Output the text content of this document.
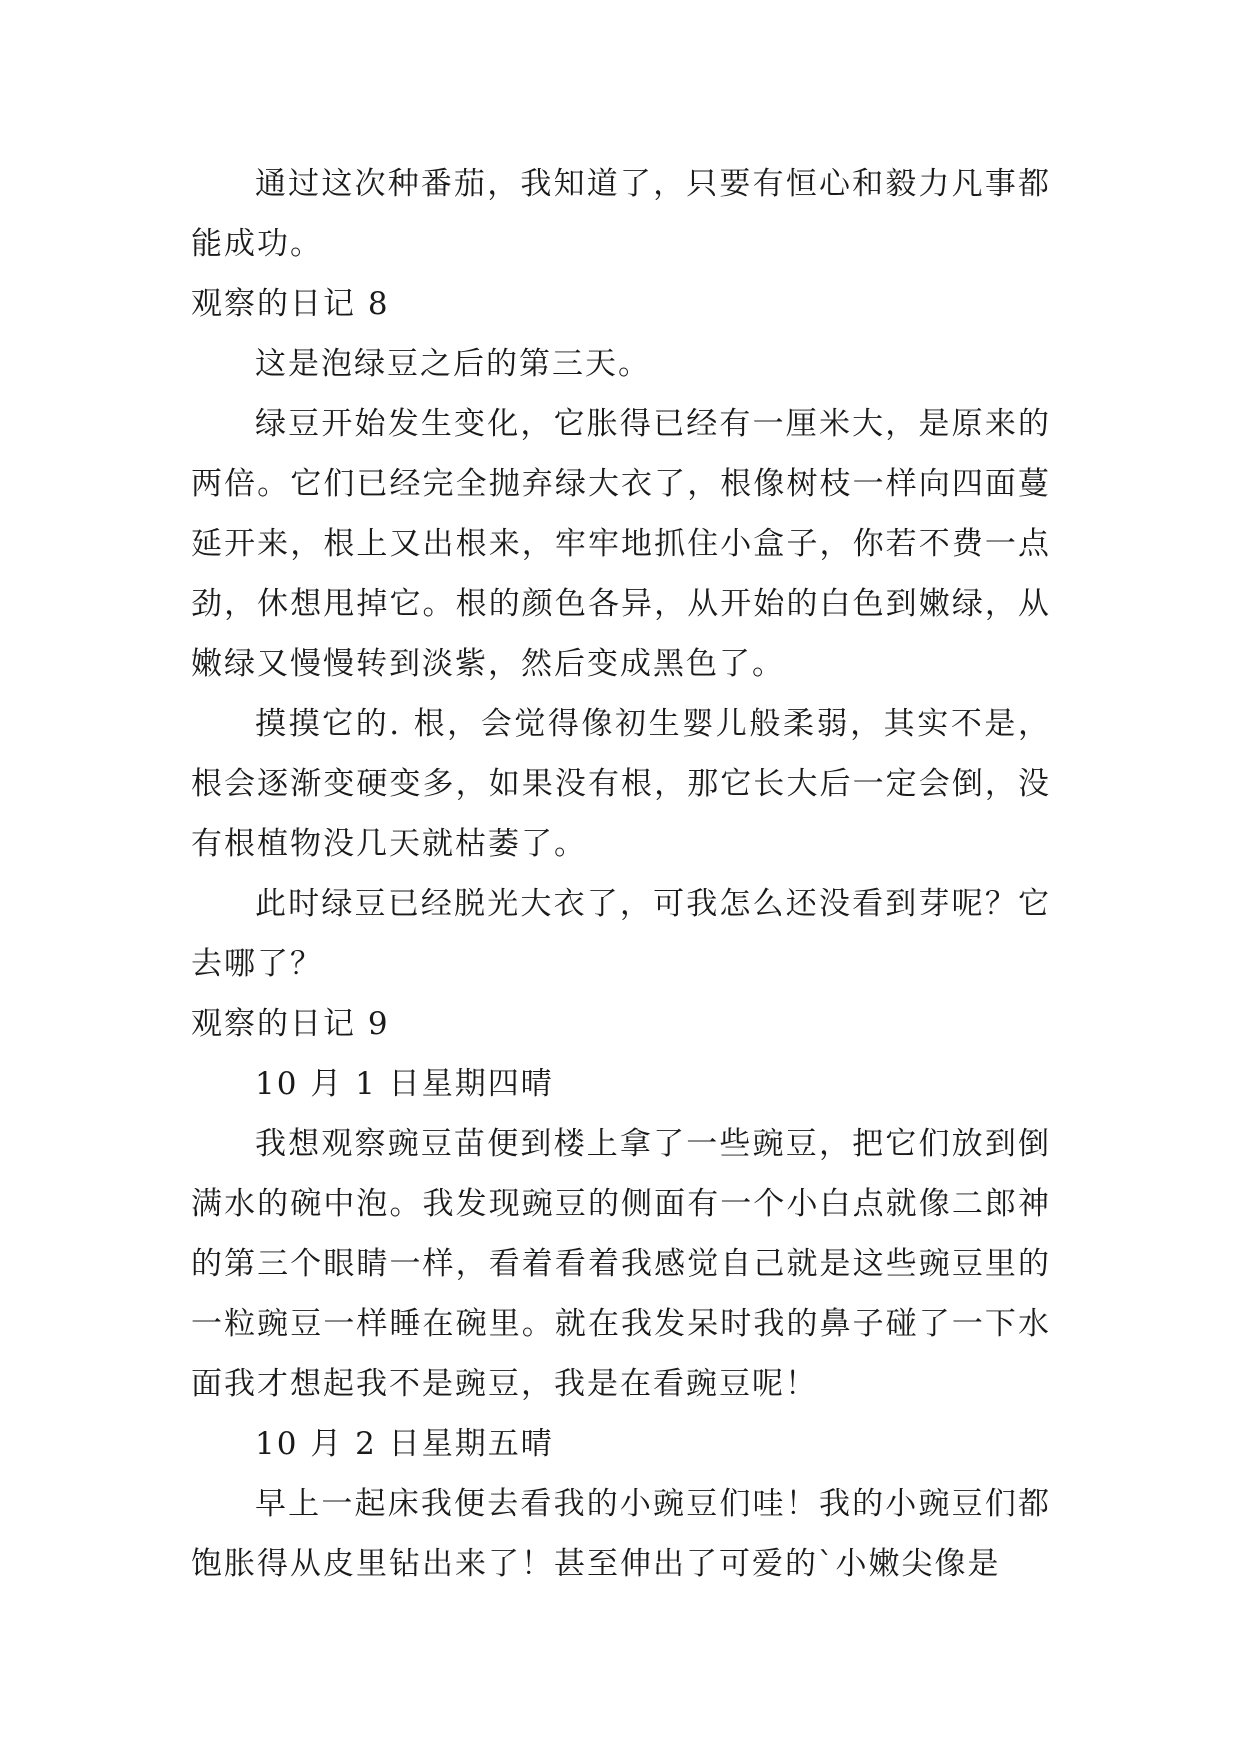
通过这次种番茄，我知道了，只要有恒心和毅力凡事都能成功。

观察的日记 8

这是泡绿豆之后的第三天。

绿豆开始发生变化，它胀得已经有一厘米大，是原来的两倍。它们已经完全抛弃绿大衣了，根像树枝一样向四面蔓延开来，根上又出根来，牢牢地抓住小盒子，你若不费一点劲，休想甩掉它。根的颜色各异，从开始的白色到嫩绿，从嫩绿又慢慢转到淡紫，然后变成黑色了。

摸摸它的. 根，会觉得像初生婴儿般柔弱，其实不是，根会逐渐变硬变多，如果没有根，那它长大后一定会倒，没有根植物没几天就枯萎了。

此时绿豆已经脱光大衣了，可我怎么还没看到芽呢？它去哪了？

观察的日记 9

10 月 1 日星期四晴

我想观察豌豆苗便到楼上拿了一些豌豆，把它们放到倒满水的碗中泡。我发现豌豆的侧面有一个小白点就像二郎神的第三个眼睛一样，看着看着我感觉自己就是这些豌豆里的一粒豌豆一样睡在碗里。就在我发呆时我的鼻子碰了一下水面我才想起我不是豌豆，我是在看豌豆呢！

10 月 2 日星期五晴

早上一起床我便去看我的小豌豆们哇！我的小豌豆们都饱胀得从皮里钻出来了！甚至伸出了可爱的`小嫩尖像是
